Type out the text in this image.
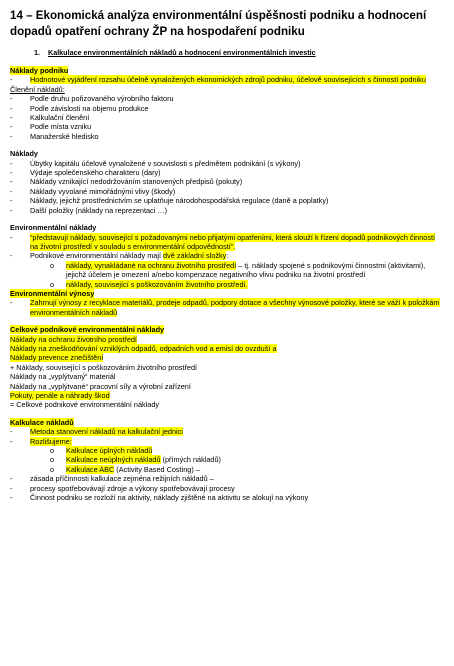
14 – Ekonomická analýza environmentální úspěšnosti podniku a hodnocení dopadů opatření ochrany ŽP na hospodaření podniku
1. Kalkulace environmentálních nákladů a hodnocení environmentálních investic
Náklady podniku
- Hodnotové vyjádření rozsahu účelně vynaložených ekonomických zdrojů podniku, účelově souvisejících s činností podniku
Členění nákladů:
- Podle druhu pořizovaného výrobního faktoru
- Podle závislosti na objemu produkce
- Kalkulační členění
- Podle místa vzniku
- Manažerské hledisko
Náklady
- Úbytky kapitálu účelově vynaložené v souvislosti s předmětem podnikání (s výkony)
- Výdaje společenského charakteru (dary)
- Náklady vznikající nedodržováním stanovených předpisů (pokuty)
- Náklady vyvolané mimořádnými vlivy (škody)
- Náklady, jejichž prostřednictvím se uplatňuje národohospodářská regulace (daně a poplatky)
- Další položky (náklady na reprezentaci …)
Environmentální náklady
- “představují náklady, související s požadovanými nebo přijatými opatřeními, která slouží k řízení dopadů podnikových činností na životní prostředí v souladu s environmentální odpovědností”.
- Podnikové environmentální náklady mají dvě základní složky:
o náklady, vynakládané na ochranu životního prostředí – tj. náklady spojené s podnikovými činnostmi (aktivitami), jejichž účelem je omezení a/nebo kompenzace negativního vlivu podniku na životní prostředí
o náklady, související s poškozováním životního prostředí.
Environmentální výnosy
- Zahrnují výnosy z recyklace materiálů, prodeje odpadů, podpory dotace a všechny výnosové položky, které se váží k položkám environmentálních nákladů
Celkové podnikové environmentální náklady
Náklady na ochranu životního prostředí
Náklady na zneškodňování vzniklých odpadů, odpadních vod a emisí do ovzduší a
Náklady prevence znečištění
+ Náklady, související s poškozováním životního prostředí
Náklady na „vyplýtvaný“ materiál
Náklady na „vyplýtvané“ pracovní síly a výrobní zařízení
Pokuty, penále a náhrady škod
= Celkové podnikové environmentální náklady
Kalkulace nákladů
- Metoda stanovení nákladů na kalkulační jednici
- Rozlišujeme:
o Kalkulace úplných nákladů
o Kalkulace neúplných nákladů (přímých nákladů)
o Kalkulace ABC (Activity Based Costing) –
- zásada příčinnosti kalkulace zejména režijních nákladů –
- procesy spotřebovávají zdroje a výkony spotřebovávají procesy
- Činnost podniku se rozloží na aktivity, náklady zjištěné na aktivitu se alokují na výkony
